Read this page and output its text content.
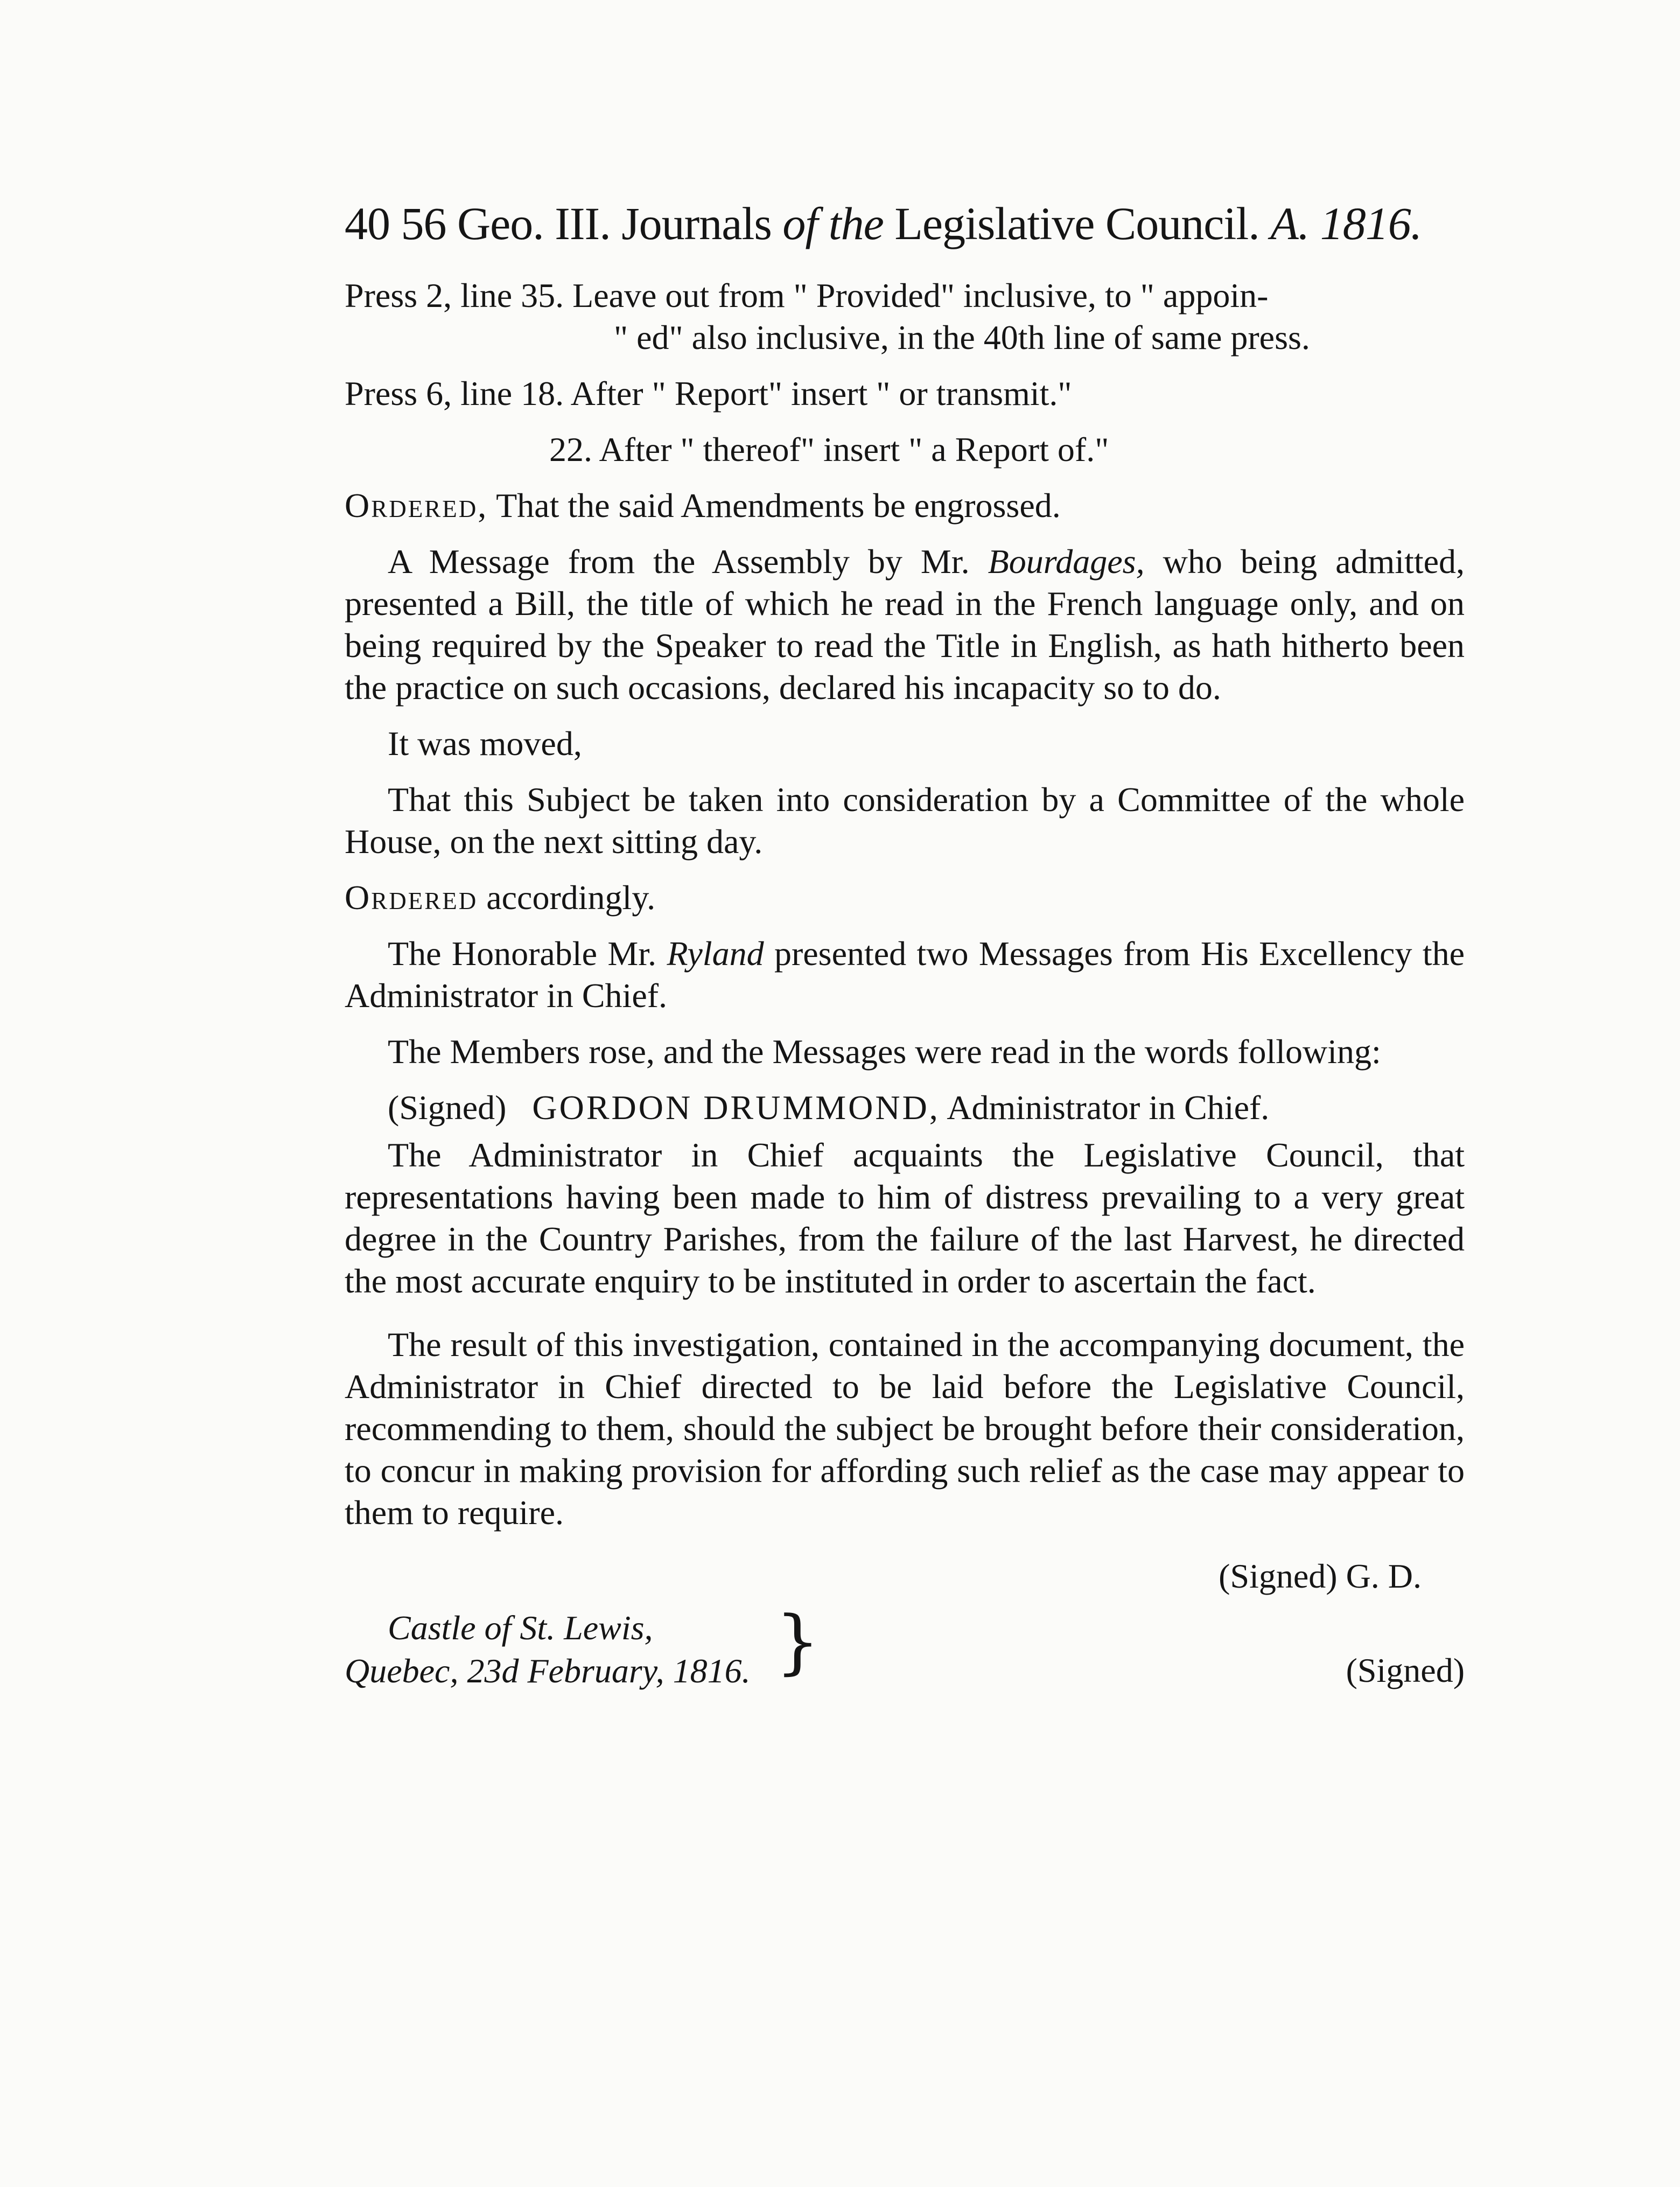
40 56 Geo. III. Journals of the Legislative Council. A. 1816.
Press 2, line 35. Leave out from " Provided" inclusive, to " appoin-
" ed" also inclusive, in the 40th line of same press.
Press 6, line 18. After " Report" insert " or transmit."
22. After " thereof" insert " a Report of."
Ordered, That the said Amendments be engrossed.
A Message from the Assembly by Mr. Bourdages, who being admitted, presented a Bill, the title of which he read in the French language only, and on being required by the Speaker to read the Title in English, as hath hitherto been the practice on such occasions, declared his incapacity so to do.
It was moved,
That this Subject be taken into consideration by a Committee of the whole House, on the next sitting day.
Ordered accordingly.
The Honorable Mr. Ryland presented two Messages from His Excellency the Administrator in Chief.
The Members rose, and the Messages were read in the words following:
(Signed) GORDON DRUMMOND, Administrator in Chief.
The Administrator in Chief acquaints the Legislative Council, that representations having been made to him of distress prevailing to a very great degree in the Country Parishes, from the failure of the last Harvest, he directed the most accurate enquiry to be instituted in order to ascertain the fact.
The result of this investigation, contained in the accompanying document, the Administrator in Chief directed to be laid before the Legislative Council, recommending to them, should the subject be brought before their consideration, to concur in making provision for affording such relief as the case may appear to them to require.
(Signed) G. D.
Castle of St. Lewis,
Quebec, 23d February, 1816. }	(Signed)
